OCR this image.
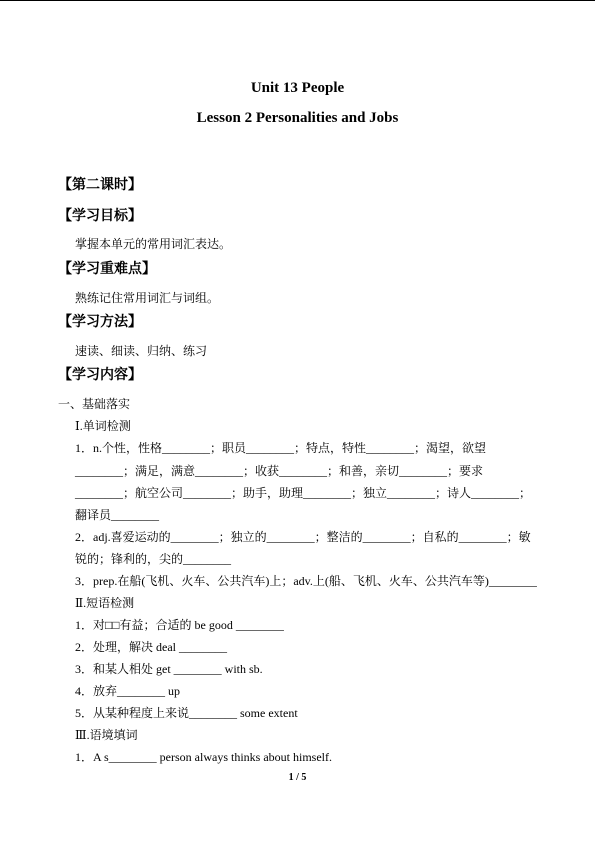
Unit 13 People
Lesson 2 Personalities and Jobs
【第二课时】
【学习目标】
掌握本单元的常用词汇表达。
【学习重难点】
熟练记住常用词汇与词组。
【学习方法】
速读、细读、归纳、练习
【学习内容】
一、基础落实
Ⅰ.单词检测
1．n.个性，性格________；职员________；特点，特性________；渴望，欲望
________；满足，满意________；收获________；和善，亲切________；要求
________；航空公司________；助手，助理________；独立________；诗人________；
翻译员________
2．adj.喜爱运动的________；独立的________；整洁的________；自私的________；敏
锐的；锋利的，尖的________
3．prep.在船(飞机、火车、公共汽车)上；adv.上(船、飞机、火车、公共汽车等)________
Ⅱ.短语检测
1．对□□有益；合适的 be good ________
2．处理，解决 deal ________
3．和某人相处 get ________ with sb.
4．放弃________ up
5．从某种程度上来说________ some extent
Ⅲ.语境填词
1．A s________ person always thinks about himself.
1 / 5
